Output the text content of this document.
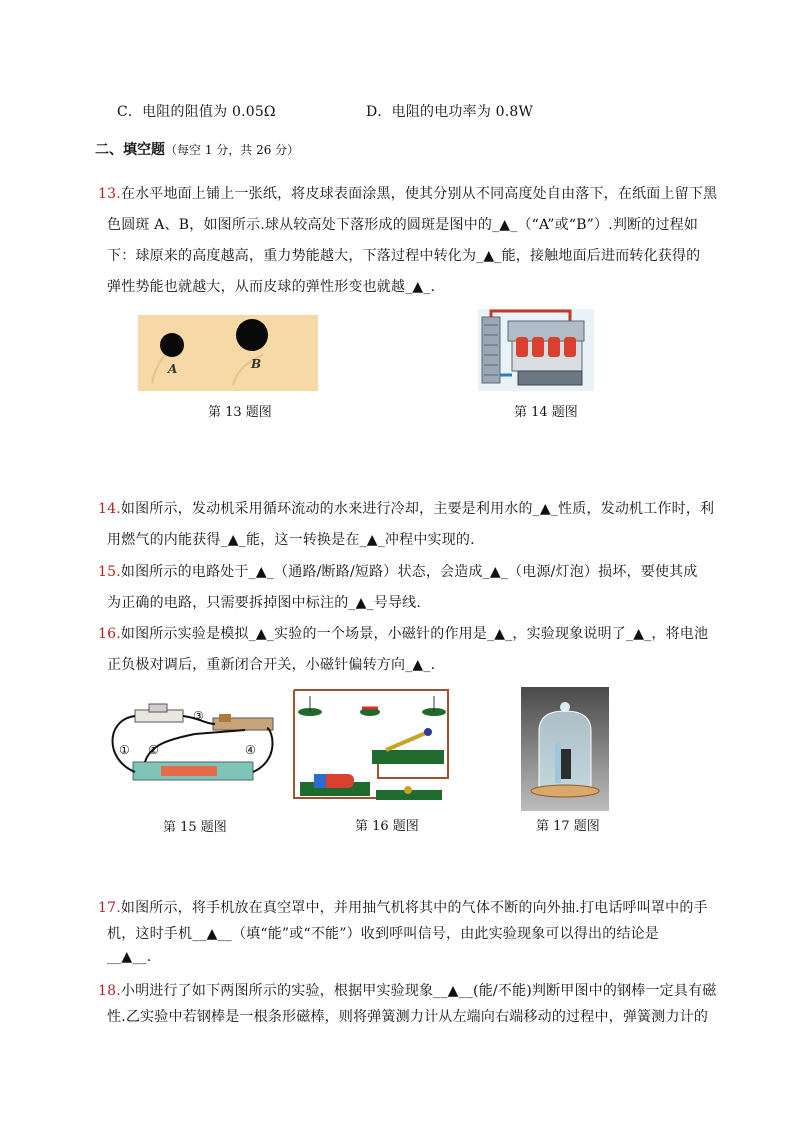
C．电阻的阻值为 0.05Ω	D．电阻的电功率为 0.8W
二、填空题（每空 1 分，共 26 分）
13.在水平地面上铺上一张纸，将皮球表面涂黑，使其分别从不同高度处自由落下，在纸面上留下黑
色圆斑 A、B，如图所示.球从较高处下落形成的圆斑是图中的_▲_（“A”或“B”）.判断的过程如
下：球原来的高度越高，重力势能越大，下落过程中转化为_▲_能，接触地面后进而转化获得的
弹性势能也就越大，从而皮球的弹性形变也就越_▲_.
A	B
第 13 题图	第 14 题图
14.如图所示，发动机采用循环流动的水来进行冷却，主要是利用水的_▲_性质，发动机工作时，利
用燃气的内能获得_▲_能，这一转换是在_▲_冲程中实现的.
15.如图所示的电路处于_▲_（通路/断路/短路）状态，会造成_▲_（电源/灯泡）损坏，要使其成
为正确的电路，只需要拆掉图中标注的_▲_号导线.
16.如图所示实验是模拟_▲_实验的一个场景，小磁针的作用是_▲_，实验现象说明了_▲_，将电池
正负极对调后，重新闭合开关，小磁针偏转方向_▲_.
③
① ②	④
第 15 题图	第 16 题图	第 17 题图
17.如图所示，将手机放在真空罩中，并用抽气机将其中的气体不断的向外抽.打电话呼叫罩中的手
机，这时手机__▲__（填“能”或“不能”）收到呼叫信号，由此实验现象可以得出的结论是
__▲__.
18.小明进行了如下两图所示的实验，根据甲实验现象__▲__(能/不能)判断甲图中的钢棒一定具有磁
性.乙实验中若钢棒是一根条形磁棒，则将弹簧测力计从左端向右端移动的过程中，弹簧测力计的
